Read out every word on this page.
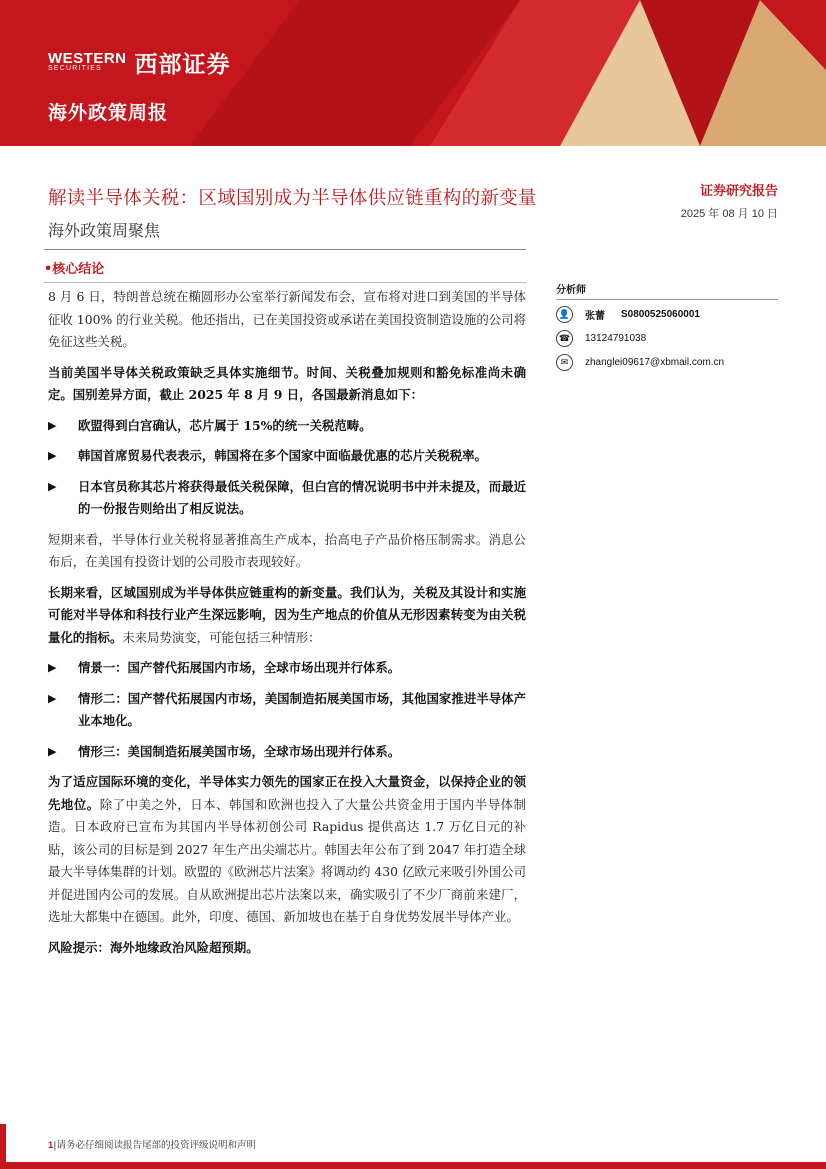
WESTERN
SECURITIES	西部证券
海外政策周报
解读半导体关税：区域国别成为半导体供应链重构的新变量
海外政策周聚焦
证券研究报告
2025 年 08 月 10 日
•核心结论

8 月 6 日，特朗普总统在椭圆形办公室举行新闻发布会，宣布将对进口到美国的半导体征收 100% 的行业关税。他还指出，已在美国投资或承诺在美国投资制造设施的公司将免征这些关税。

当前美国半导体关税政策缺乏具体实施细节。时间、关税叠加规则和豁免标准尚未确定。国别差异方面，截止 2025 年 8 月 9 日，各国最新消息如下：

▶	欧盟得到白宫确认，芯片属于 15%的统一关税范畴。
▶	韩国首席贸易代表表示，韩国将在多个国家中面临最优惠的芯片关税税率。
▶	日本官员称其芯片将获得最低关税保障，但白宫的情况说明书中并未提及，而最近的一份报告则给出了相反说法。

短期来看，半导体行业关税将显著推高生产成本，抬高电子产品价格压制需求。消息公布后，在美国有投资计划的公司股市表现较好。

长期来看，区域国别成为半导体供应链重构的新变量。我们认为，关税及其设计和实施可能对半导体和科技行业产生深远影响，因为生产地点的价值从无形因素转变为由关税量化的指标。未来局势演变，可能包括三种情形：

▶	情景一：国产替代拓展国内市场，全球市场出现并行体系。
▶	情形二：国产替代拓展国内市场，美国制造拓展美国市场，其他国家推进半导体产业本地化。
▶	情形三：美国制造拓展美国市场，全球市场出现并行体系。

为了适应国际环境的变化，半导体实力领先的国家正在投入大量资金，以保持企业的领先地位。除了中美之外，日本、韩国和欧洲也投入了大量公共资金用于国内半导体制造。日本政府已宣布为其国内半导体初创公司 Rapidus 提供高达 1.7 万亿日元的补贴，该公司的目标是到 2027 年生产出尖端芯片。韩国去年公布了到 2047 年打造全球最大半导体集群的计划。欧盟的《欧洲芯片法案》将调动约 430 亿欧元来吸引外国公司并促进国内公司的发展。自从欧洲提出芯片法案以来，确实吸引了不少厂商前来建厂，选址大都集中在德国。此外，印度、德国、新加坡也在基于自身优势发展半导体产业。

风险提示：海外地缘政治风险超预期。

分析师
👤 张蕾 S0800525060001
☎ 13124791038
✉	zhanglei09617@xbmail.com.cn
1|请务必仔细阅读报告尾部的投资评级说明和声明
